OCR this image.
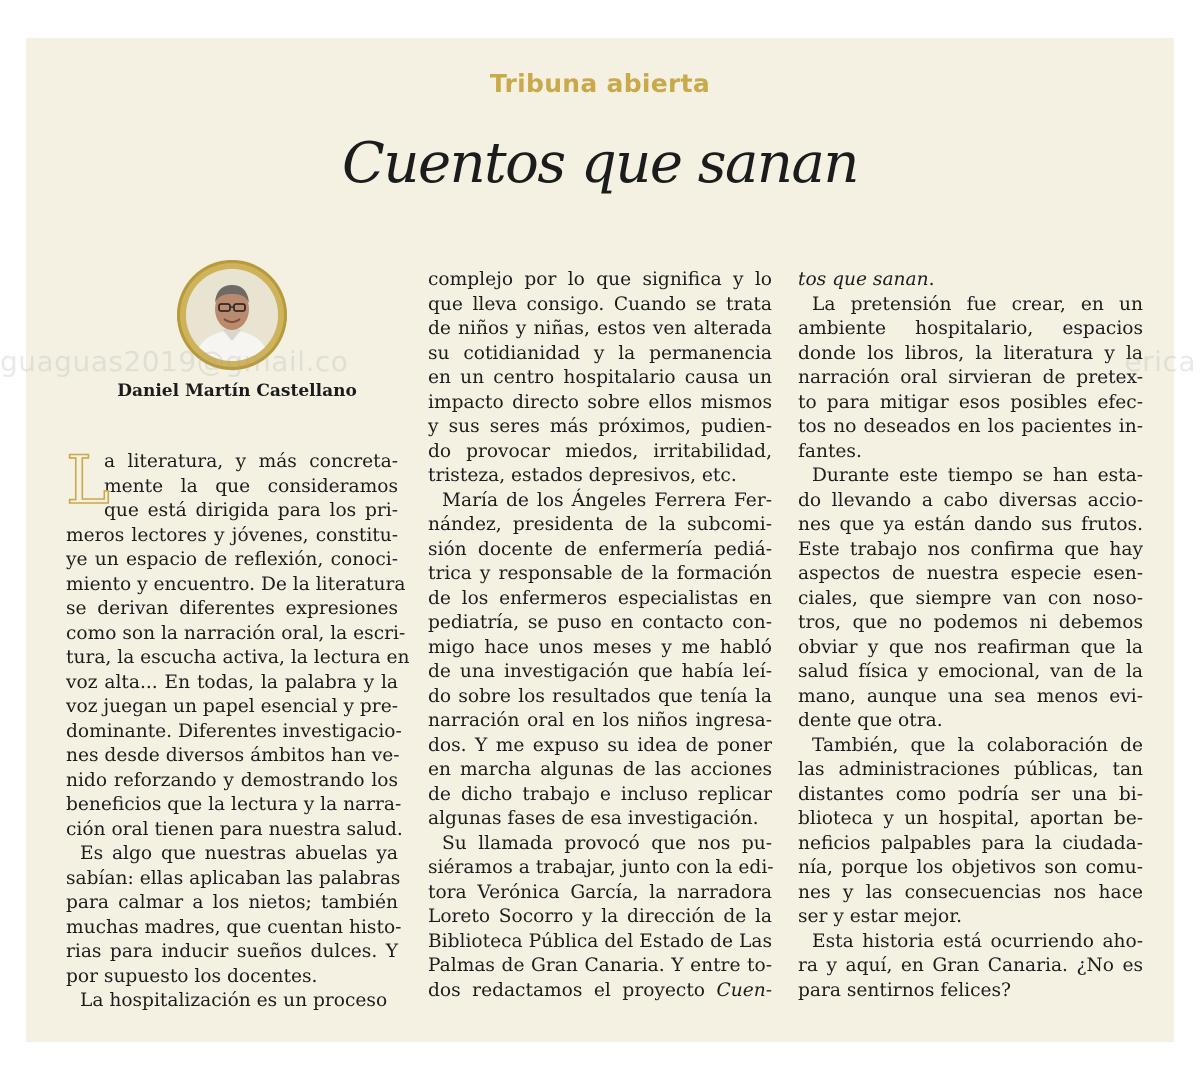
Tribuna abierta
Cuentos que sanan
Daniel Martín Castellano
L
a literatura, y más concreta-
mente la que consideramos
que está dirigida para los pri-
meros lectores y jóvenes, constitu-
ye un espacio de reflexión, conoci-
miento y encuentro. De la literatura
se derivan diferentes expresiones
como son la narración oral, la escri-
tura, la escucha activa, la lectura en
voz alta... En todas, la palabra y la
voz juegan un papel esencial y pre-
dominante. Diferentes investigacio-
nes desde diversos ámbitos han ve-
nido reforzando y demostrando los
beneficios que la lectura y la narra-
ción oral tienen para nuestra salud.
Es algo que nuestras abuelas ya
sabían: ellas aplicaban las palabras
para calmar a los nietos; también
muchas madres, que cuentan histo-
rias para inducir sueños dulces. Y
por supuesto los docentes.
La hospitalización es un proceso
complejo por lo que significa y lo
que lleva consigo. Cuando se trata
de niños y niñas, estos ven alterada
su cotidianidad y la permanencia
en un centro hospitalario causa un
impacto directo sobre ellos mismos
y sus seres más próximos, pudien-
do provocar miedos, irritabilidad,
tristeza, estados depresivos, etc.
María de los Ángeles Ferrera Fer-
nández, presidenta de la subcomi-
sión docente de enfermería pediá-
trica y responsable de la formación
de los enfermeros especialistas en
pediatría, se puso en contacto con-
migo hace unos meses y me habló
de una investigación que había leí-
do sobre los resultados que tenía la
narración oral en los niños ingresa-
dos. Y me expuso su idea de poner
en marcha algunas de las acciones
de dicho trabajo e incluso replicar
algunas fases de esa investigación.
Su llamada provocó que nos pu-
siéramos a trabajar, junto con la edi-
tora Verónica García, la narradora
Loreto Socorro y la dirección de la
Biblioteca Pública del Estado de Las
Palmas de Gran Canaria. Y entre to-
dos redactamos el proyecto Cuen-
tos que sanan.
La pretensión fue crear, en un
ambiente hospitalario, espacios
donde los libros, la literatura y la
narración oral sirvieran de pretex-
to para mitigar esos posibles efec-
tos no deseados en los pacientes in-
fantes.
Durante este tiempo se han esta-
do llevando a cabo diversas accio-
nes que ya están dando sus frutos.
Este trabajo nos confirma que hay
aspectos de nuestra especie esen-
ciales, que siempre van con noso-
tros, que no podemos ni debemos
obviar y que nos reafirman que la
salud física y emocional, van de la
mano, aunque una sea menos evi-
dente que otra.
También, que la colaboración de
las administraciones públicas, tan
distantes como podría ser una bi-
blioteca y un hospital, aportan be-
neficios palpables para la ciudada-
nía, porque los objetivos son comu-
nes y las consecuencias nos hace
ser y estar mejor.
Esta historia está ocurriendo aho-
ra y aquí, en Gran Canaria. ¿No es
para sentirnos felices?
guaguas2019@gmail.co	erica
